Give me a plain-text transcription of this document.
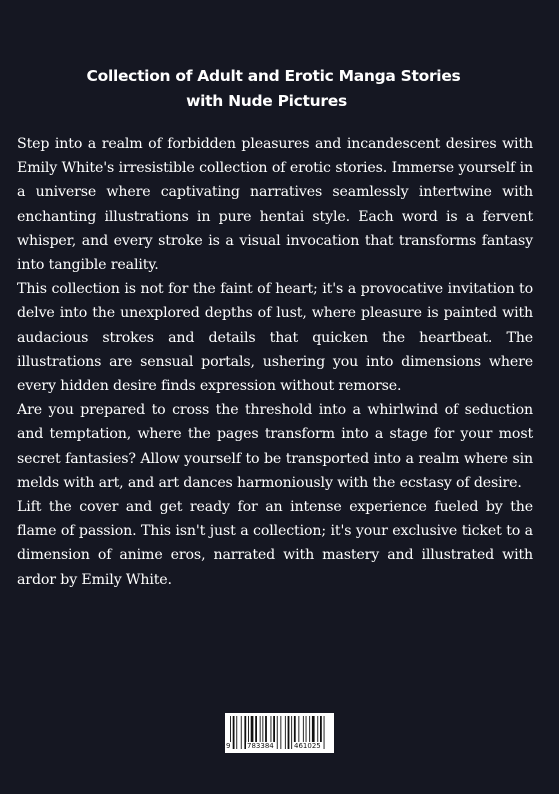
Collection of Adult and Erotic Manga Stories
with Nude Pictures

Step into a realm of forbidden pleasures and incandescent desires with Emily White's irresistible collection of erotic stories. Immerse yourself in a universe where captivating narratives seamlessly intertwine with enchanting illustrations in pure hentai style. Each word is a fervent whisper, and every stroke is a visual invocation that transforms fantasy into tangible reality.

This collection is not for the faint of heart; it's a provocative invitation to delve into the unexplored depths of lust, where pleasure is painted with audacious strokes and details that quicken the heartbeat. The illustrations are sensual portals, ushering you into dimensions where every hidden desire finds expression without remorse.

Are you prepared to cross the threshold into a whirlwind of seduction and temptation, where the pages transform into a stage for your most secret fantasies? Allow yourself to be transported into a realm where sin melds with art, and art dances harmoniously with the ecstasy of desire.

Lift the cover and get ready for an intense experience fueled by the flame of passion. This isn't just a collection; it's your exclusive ticket to a dimension of anime eros, narrated with mastery and illustrated with ardor by Emily White.

9 783384	461025
